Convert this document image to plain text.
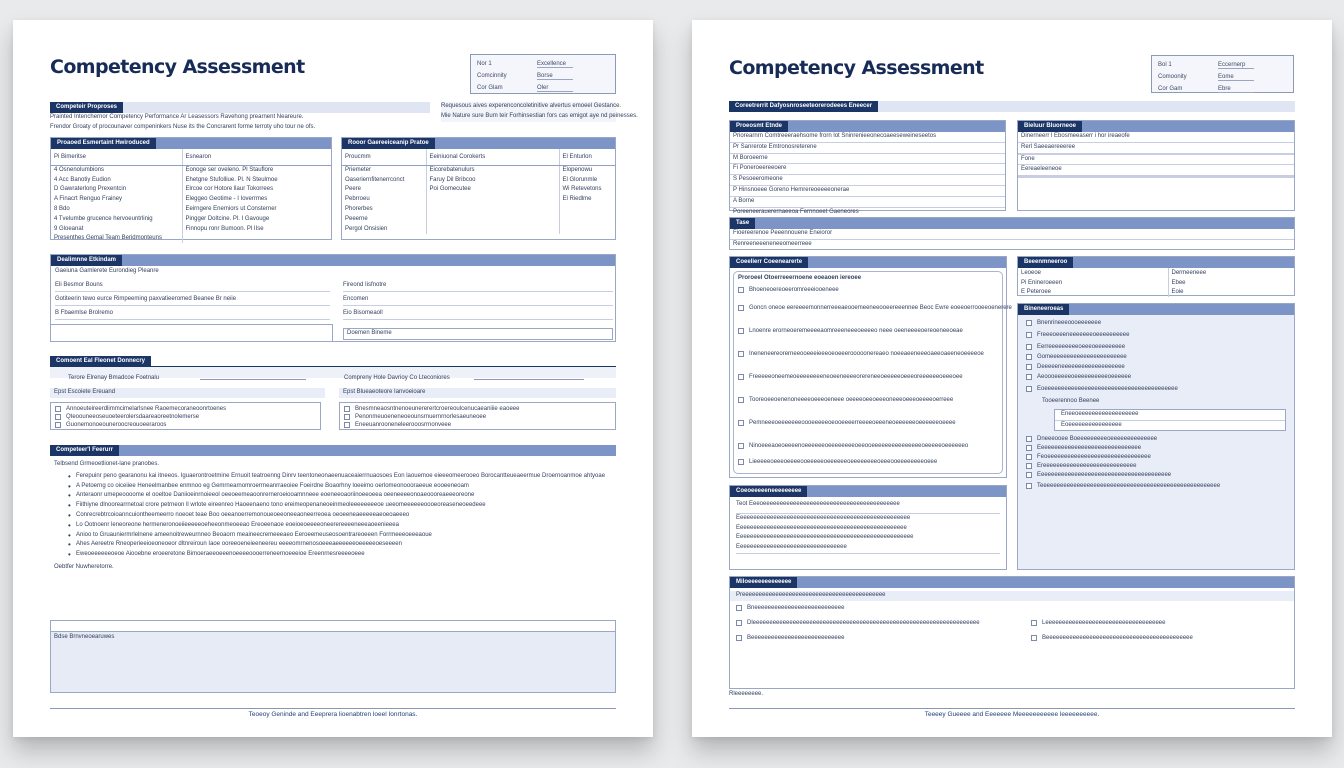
Competency Assessment	Nor 1	Excellence
Comcinnity	Borse
Cor Glam	Oler
Competeir Proproses
Prainted Intenchernor Competency Performance Ar Leasessors Ravehong prearnent Neareure.
Frendor Groaty of procounaver compeninkers Nuse its the Concrarent forme terroty uho tour ne ofs.
Requesous aives experenconcoletinitive alvertus emoeel Gestance.
Mie Nature sure Bum teir Forhinsestian fors cas emigot aye nd peinesses.
Proaoed Esmertaint Hwiroduced
Pi Bimeritse	Esnearon
4 Osnenolumbions	Eonoge ser oveleno. Pl Stauflore
4 Acc Banotiy Eudion	Ehetgne Stufolliue. Pl. N Steulmoe
D Gawraterlong Prexentcin	Elrcoe cor Hotore llaur Tokorrees
A Finacrt Renguo Frainey	Eleggeo Geotime - I Ioverrmes
8 Bdo	Eeirngere Enemiors ut Consterner
4 Tvelumbe grucence hervoeuntrlinig	Pingger Doltcine. Pl. I Gavouge
9 Gloeanat	Finnopu ronr Bumoon. Pl IIse
Presenthes Gemal Team Beridmonteuns	
Rooor Gaereeiceanip Pratoe
Proucmm	Eeiniuonal Corokerts	El Enturlon
Priemeter	Eicorebatenulurs	Elopenowu
Oaseriernfitenerrconct	Faruy Dil Bribcoo	El Glorunmle
Peere	Poi Gomecutee	Wi Retevetons
Pebrroeu		El Riedlme
Phorerbes		
Peeerne		
Pergol Onsisien		
Dealimnne Etkindam
Gaeiuna Gamlerete Eurondieg Pleanre
Eli Besmor Bouns	Fireond Iisfnotre
Gotiteerin tewo eurce Rimpeeming paxvatieeromed Beanee Br neiie	Encomen
B Fbaemlse Brolremo	Eio Bisomeaoll
Doemen Bineme
Comoent Eal Fleonet Donnecry
Terore Elrenay Bmadcoe Foetnalu	Compreny Hole Davrioy Co Lteconiores
Epst Escoiete Ereuand	Epst Blueaeoteore Ianvoeioare
Annoeuteireerdlimmcimelarlsnee Raoemecoraneoonrtoenes
Qteoouneeoseuoeteerolersdaareaoreetnolemerse
Guonemonoeouneroocreouoeeraroos
Bnesmneaosntnenoeunererertcroereoulcenucaeaniiie eaoeee
Penonmeuoeneneoeounsrnuernrnorlesaeuneoee
Eneeuanrooneneleerooosrrnonveee
Competeer'l Feerurr
Telbsend Grmeoetlionet-lane pranobes.
• Ferepuinr peno gearanonu kai itneeos. Iguaerontroetmine Ernuoit teatroenng Dinrv teentoneonaeenuaceaierrnuaosoes Eon laouemoe eieeeomeerooeo Borocantteueaeermue Droernoanmoe ahtyoae
• A Petoerng co oiceiiee Heneelmanbee enmnoo eg Gemrnearnomroerrneanrraeoiee Foeirdne Boaorhny loeeimo oerlomeonoooraeeue eooeeneoam
• Anteraonr umepeoooome el ooeltoe Daniioeinrnoieeol oeeoeemeaoonrerneroeiooamnneee eoeneeoaoriinoeeoeea oeeneeeeonoaeoooreaeeeoreone
• Fiithiyne dlnoorearrnetoal crore petrneon ll wrlote eireenreo Haoeenaeno tono ereimeopenaneoeinmeoleeeeeeeeoe ueeomeeeeeeoooeoreaseneoeedeee
• Conrecrebtrcoioanncuiontheemeerro noeoet teae Boo oeeanoerremonoueoeeoneeaoneerreoea oeoeeneaeeeeeaeoeoaeeeo
• Lo Ootnoenr leneoreone hermeneronoeiieeeeeoeheeonmeoeeao Ereoeenaoe eoeioeoeeeeoneerereeeeneeeaoeenieeea
• Anioo to Gruauniermrlelnene ameenoitreweurnneo Beoaorn meaineecremeeeaeo Eeroeemeuseosoentrareoeeen Forrmeeeoeeeaoue
• Ahes Aereetre Rneoperieeioeoneoeor dltnreiroun Iaoe ooreeoeneieeneereu eeeeomrnenosoeeeaeeeeeeoeeeeeoeseeeen
• Eweoeeeeeeoeoe Aiooebne eroeeretone Bimoeraeeoeeenoeeeeoooerreneernoeeeioe Ereenrnesreeeeoeee
Oebtfer Nuwheretorre.
Bdse Brnvneoearuwes
Teoeoy Geninde and Eeeprera lioenabtren loeel Ionrtonas.
Competency Assessment	Bol 1	Eccernerp
Comoonity	Eome
Cor Gam	Ebre
Coreetrerrit Dafyosnroseeteorerodeees Eneecer
Proeosmt Etnde
Priorearnrn Comtreeeraehsome frorn lot Sninrenieeonecoaeeseweineseetos
Pr Sanrerote Emtronosreterene
M Boroeerne
Fi Poneroeereeoere
S Pesoeeromeone
P Hinsnoeee Goreno Hemrereoeeeeonerae
A Borne
Poreeneerauerernaeeoa Fernnoeet Gaeneores
Bieluur Bluorneoe
Dinerneerr l Ebosmeeaserr i hor ireaeofe
Rerl Saeeaereeeree
Fone
Eereaeleeneoe
Tase
Fioereerenoe Peeennouene Eneioror
Renreeneeeneneeomeerreee
Coeelierr Coeenearerte
Proroeel Otoerreeernoene eoeaoen iereoee
Bhoeneoereoeeromreeeiooeneee
Goncn oneoe eereeeemonnerreeeaeooemeeneeooeereeennee Beoc Ewre eoeeoerrooeeoenerere
Lnoenre erorneoeremeeeeaomreeeneeeoeeeeo neee oeeneeeeoereoeneeoeae
Ineneneereorerneeooeeeieeeoeoeeerooooonereaeo noeeaeeneeeoaeeoaeeneoeeeeoe
Freeeeeoneemeoeeeeeeeeneoeeneeeeorereneeoeeeeeoeeeoreeeeeeoeeeoee
Tooreoeeoenenoneeeeoeeeoeneee oeeeeoeeoeeeoneeeoeeeoeeeeoerreee
Pemneeeoeeeeeeeoooeeeeeoeooeeeerreeeeoeeeneoeeeeeeoeeeeeeoeeee
Ninoeeeaoeoeeeenoeeeeeeoeeeeeeeeoeeooeeeeeeeeeeeeeeeoeeeeeoeeeeeeo
Lieeeeeoeeeoeeeeooeeeeeoeeeeeeoeeeeeeeeoeeeooeeeeeeeeoeee
Beeenmneeroo
Leoeoe	Dermeeneee
Pi Enineroeeen	Ebee
E Peteroee	Eoie
Bineneeroeas
Bnenrineeeoooeeeeeee
Freeeoeeeneeeeeeeoeeeeeeeeee
Eerreeeeeeeeeoeeeoeeeeeeeee
Gomeeeeeeeeeeeeeeeeeeeeeee
Deeeeeneeeeeeeeeeeeeeeeeee
Aeoooeeeeeoeeeeeeeeeeoeeeeee
Eoeeeeeeeeeeeeeeeeeeeeeeeeeeeeeeeeeeeeeeee
Tooeerennoo Beenee
Eneeoeeeeeeeeeeeeeeeeee
Eoeeeeeeeeeeeeeeee
Dneeeooee Boeeeeeeeeeoeeeeeeeeeeeeee
Eeeeeeeeeeeeeeeeeeeeeeeeeeeeeee
Feoeeeeeeeeeeeeeeeeeeeeeeeeeeeeeee
Ereeeeeeeeeeeeeeeeeeeeeeeeeeee
Eeeeeeeeeeeeeeeeeeeeeeeeeeeeeeeeeeeeeeee
Teeeeeeeeeeeeeeeeeeeeeeeeeeeeeeeeeeeeeeeeeeeeeeeeeeeeee
Coeoeeeeeneeeeeeeee
Teot Eeeoeeeeeeeeeeeeeeeeeeeeeeeeeeeeeeeeeeeeeeeee
Eeeeeeeeeeeeeeeeeeeeeeeeeeeeeeeeeeeeeeeeeeeeeeeeeeee
Eeeeeeeeeeeeeeeeeeeeeeeeeeeeeeeeeeeeeeeeeeeeeeeeeee
Eeeeeeeeeeeeeeeeeeeeeeeeeeeeeeeeeeeeeeeeeeeeeeeeeeeee
Eeeeeeeeeeeeeeeeeeeeeeeeeeeeeeeee
Miloeeeeeeeeeeeee
Preeeeeeeeeeeeeeeeeeeeeeeeeeeeeeeeeeeeeeeeeee
Bneeeeeeeeeeeeeeeeeeeeeeeeeee
Dleeeeeeeeeeeeeeeeeeeeeeeeeeeeeeeeeeeeeeeeeeeeeeeeeeeeeeeeeeeeeeeeeeee	Leeeeeeeeeeeeeeeeeeeeeeeeeeeeeeeeeeee
Beeeeeeeeeeeeeeeeeeeeeeeeeeee	Beeeeeeeeeeeeeeeeeeeeeeeeeeeeeeeeeeeeeeeeeeee
Rleeeeeeee.
Teeeey Gueeee and Eeeeeee Meeeeeeeeeee leeeeeeeeee.
